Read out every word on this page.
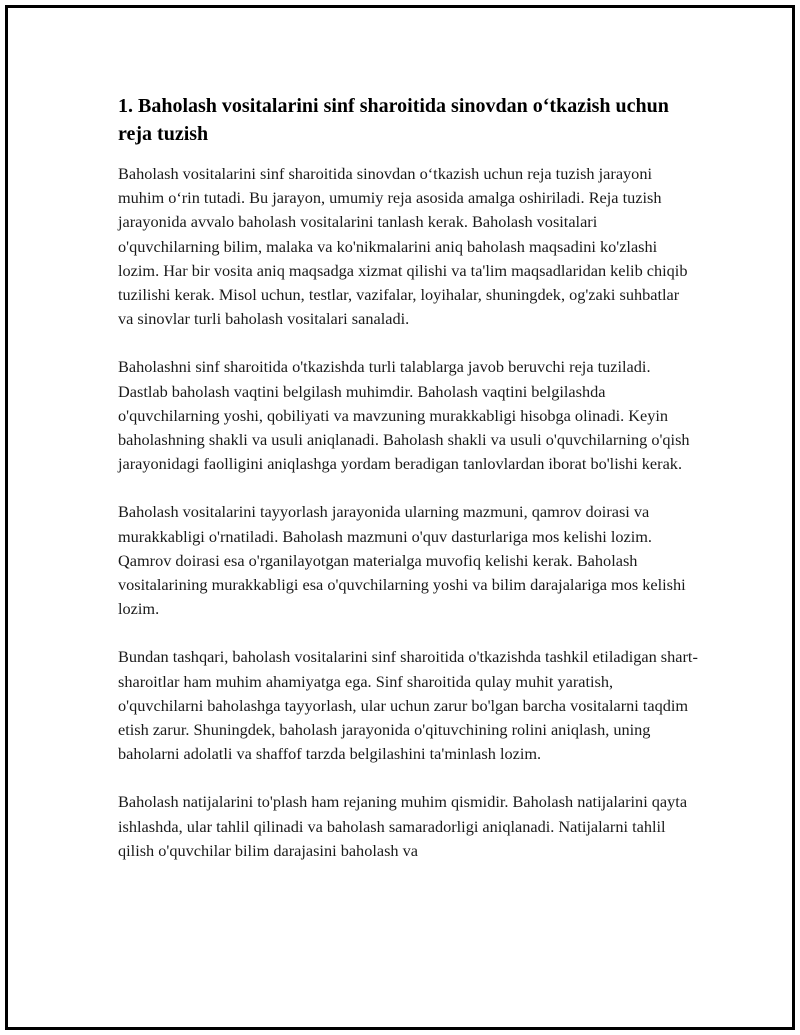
1. Baholash vositalarini sinf sharoitida sinovdan o‘tkazish uchun reja tuzish

Baholash vositalarini sinf sharoitida sinovdan o‘tkazish uchun reja tuzish jarayoni muhim o‘rin tutadi. Bu jarayon, umumiy reja asosida amalga oshiriladi. Reja tuzish jarayonida avvalo baholash vositalarini tanlash kerak. Baholash vositalari o'quvchilarning bilim, malaka va ko'nikmalarini aniq baholash maqsadini ko'zlashi lozim. Har bir vosita aniq maqsadga xizmat qilishi va ta'lim maqsadlaridan kelib chiqib tuzilishi kerak. Misol uchun, testlar, vazifalar, loyihalar, shuningdek, og'zaki suhbatlar va sinovlar turli baholash vositalari sanaladi.

Baholashni sinf sharoitida o'tkazishda turli talablarga javob beruvchi reja tuziladi. Dastlab baholash vaqtini belgilash muhimdir. Baholash vaqtini belgilashda o'quvchilarning yoshi, qobiliyati va mavzuning murakkabligi hisobga olinadi. Keyin baholashning shakli va usuli aniqlanadi. Baholash shakli va usuli o'quvchilarning o'qish jarayonidagi faolligini aniqlashga yordam beradigan tanlovlardan iborat bo'lishi kerak.

Baholash vositalarini tayyorlash jarayonida ularning mazmuni, qamrov doirasi va murakkabligi o'rnatiladi. Baholash mazmuni o'quv dasturlariga mos kelishi lozim. Qamrov doirasi esa o'rganilayotgan materialga muvofiq kelishi kerak. Baholash vositalarining murakkabligi esa o'quvchilarning yoshi va bilim darajalariga mos kelishi lozim.

Bundan tashqari, baholash vositalarini sinf sharoitida o'tkazishda tashkil etiladigan shart-sharoitlar ham muhim ahamiyatga ega. Sinf sharoitida qulay muhit yaratish, o'quvchilarni baholashga tayyorlash, ular uchun zarur bo'lgan barcha vositalarni taqdim etish zarur. Shuningdek, baholash jarayonida o'qituvchining rolini aniqlash, uning baholarni adolatli va shaffof tarzda belgilashini ta'minlash lozim.

Baholash natijalarini to'plash ham rejaning muhim qismidir. Baholash natijalarini qayta ishlashda, ular tahlil qilinadi va baholash samaradorligi aniqlanadi. Natijalarni tahlil qilish o'quvchilar bilim darajasini baholash va
